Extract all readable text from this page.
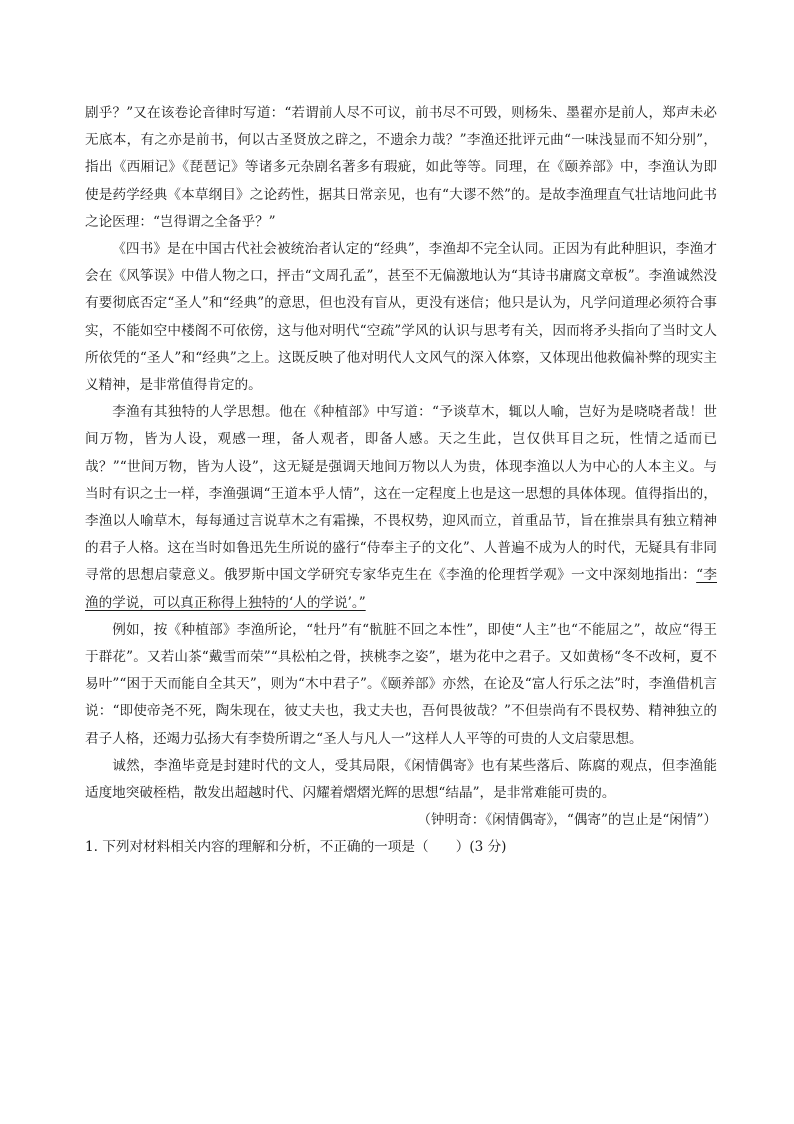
剧乎？”又在该卷论音律时写道：“若谓前人尽不可议，前书尽不可毁，则杨朱、墨翟亦是前人，郑声未必无底本，有之亦是前书，何以古圣贤放之辟之，不遗余力哉？”李渔还批评元曲“一味浅显而不知分别”，指出《西厢记》《琵琶记》等诸多元杂剧名著多有瑕疵，如此等等。同理，在《颐养部》中，李渔认为即使是药学经典《本草纲目》之论药性，据其日常亲见，也有“大谬不然”的。是故李渔理直气壮诘地问此书之论医理：“岂得谓之全备乎？”

《四书》是在中国古代社会被统治者认定的“经典”，李渔却不完全认同。正因为有此种胆识，李渔才会在《风筝误》中借人物之口，抨击“文周孔孟”，甚至不无偏激地认为“其诗书庸腐文章板”。李渔诚然没有要彻底否定“圣人”和“经典”的意思，但也没有盲从，更没有迷信；他只是认为，凡学问道理必须符合事实，不能如空中楼阁不可依傍，这与他对明代“空疏”学风的认识与思考有关，因而将矛头指向了当时文人所依凭的“圣人”和“经典”之上。这既反映了他对明代人文风气的深入体察，又体现出他救偏补弊的现实主义精神，是非常值得肯定的。

李渔有其独特的人学思想。他在《种植部》中写道：“予谈草木，辄以人喻，岂好为是哓哓者哉！世间万物，皆为人设，观感一理，备人观者，即备人感。天之生此，岂仅供耳目之玩，性情之适而已哉？”“世间万物，皆为人设”，这无疑是强调天地间万物以人为贵，体现李渔以人为中心的人本主义。与当时有识之士一样，李渔强调“王道本乎人情”，这在一定程度上也是这一思想的具体体现。值得指出的，李渔以人喻草木，每每通过言说草木之有霜操，不畏权势，迎风而立，首重品节，旨在推崇具有独立精神的君子人格。这在当时如鲁迅先生所说的盛行“侍奉主子的文化”、人普遍不成为人的时代，无疑具有非同寻常的思想启蒙意义。俄罗斯中国文学研究专家华克生在《李渔的伦理哲学观》一文中深刻地指出：“李渔的学说，可以真正称得上独特的‘人的学说’。”

例如，按《种植部》李渔所论，“牡丹”有“骯脏不回之本性”，即使“人主”也“不能屈之”，故应“得王于群花”。又若山茶“戴雪而荣”“具松柏之骨，挟桃李之姿”，堪为花中之君子。又如黄杨“冬不改柯，夏不易叶”“困于天而能自全其天”，则为“木中君子”。《颐养部》亦然，在论及“富人行乐之法”时，李渔借机言说：“即使帝尧不死，陶朱现在，彼丈夫也，我丈夫也，吾何畏彼哉？”不但崇尚有不畏权势、精神独立的君子人格，还竭力弘扬大有李贽所谓之“圣人与凡人一”这样人人平等的可贵的人文启蒙思想。

诚然，李渔毕竟是封建时代的文人，受其局限，《闲情偶寄》也有某些落后、陈腐的观点，但李渔能适度地突破桎梏，散发出超越时代、闪耀着熠熠光辉的思想“结晶”，是非常难能可贵的。

（钟明奇：《闲情偶寄》，“偶寄”的岂止是“闲情”）

1. 下列对材料相关内容的理解和分析，不正确的一项是（　　）(3 分)
